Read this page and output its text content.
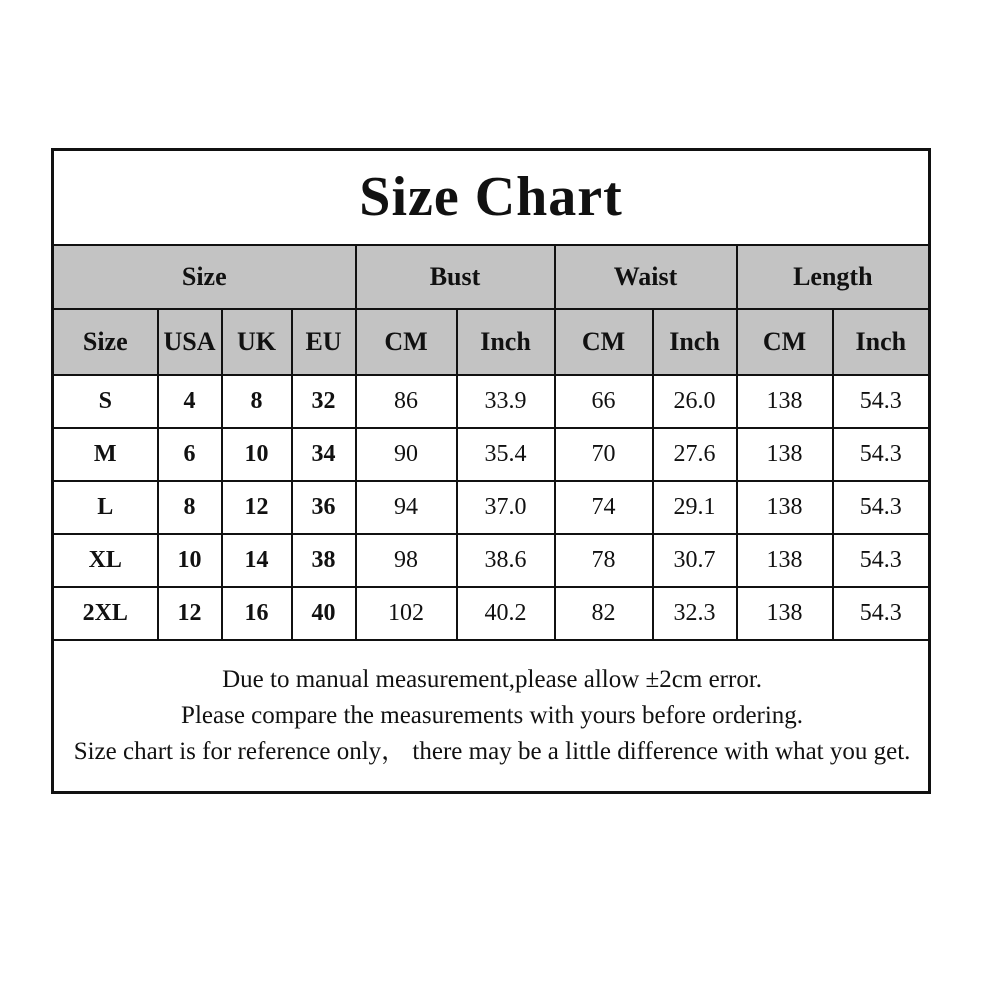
Size Chart									
Size				Bust		Waist		Length	
Size	USA	UK	EU	CM	Inch	CM	Inch	CM	Inch
S	4	8	32	86	33.9	66	26.0	138	54.3
M	6	10	34	90	35.4	70	27.6	138	54.3
L	8	12	36	94	37.0	74	29.1	138	54.3
XL	10	14	38	98	38.6	78	30.7	138	54.3
2XL	12	16	40	102	40.2	82	32.3	138	54.3

Due to manual measurement,please allow ±2cm error.
Please compare the measurements with yours before ordering.
Size chart is for reference only， there may be a little difference with what you get.									
